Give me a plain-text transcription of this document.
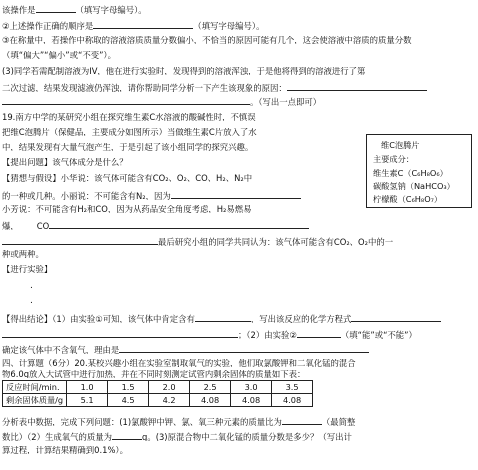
该操作是	（填写字母编号）。
②上述操作正确的顺序是	（填写字母编号）。
③在称量中，若操作中称取的溶液溶质质量分数偏小，不恰当的原因可能有几个，这会使溶液中溶质的质量分数
（填“偏大”“偏小”或“不变”）。
(3)同学若需配制溶液为IV，他在进行实验时，发现得到的溶液浑浊，于是他将得到的溶液进行了第
二次过滤，结果发现滤液仍浑浊，请你帮助同学分析一下产生该现象的原因：
。（写出一点即可）
19.南方中学的某研究小组在探究维生素C水溶液的酸碱性时，不慎误
把维C泡腾片（保健品，主要成分如图所示）当做维生素C片放入了水
中，结果发现有大量气泡产生，于是引起了该小组同学的探究兴趣。
【提出问题】该气体成分是什么？
【猜想与假设】小华说：该气体可能含有CO₂、O₂、CO、H₂、N₂中
的一种或几种。小丽说：不可能含有N₂，因为
小芳说：不可能含有H₂和CO，因为从药品安全角度考虑，H₂易燃易
爆， CO
最后研究小组的同学共同认为：该气体可能含有CO₂、O₂中的一
种或两种。
【进行实验】
.
.
【得出结论】（1）由实验①可知，该气体中肯定含有	，写出该反应的化学方程式
；（2）由实验②	（填“能”或“不能”）
确定该气体中不含氧气，理由是
四、计算题（6分）20.某校兴趣小组在实验室制取氧气的实验，他们取氯酸钾和二氧化锰的混合
物6.0g放入大试管中进行加热，并在不同时刻测定试管内剩余固体的质量如下表：
反应时间/min.	1.0	1.5	2.0	2.5	3.0	3.5
剩余固体质量/g	5.1	4.5	4.2	4.08	4.08	4.08
分析表中数据，完成下列问题：(1)氯酸钾中钾、氯、氧三种元素的质量比为	（最简整
数比）（2）生成氧气的质量为	g。(3)原混合物中二氧化锰的质量分数是多少？（写出计
算过程，计算结果精确到0.1%）。
维C泡腾片
主要成分：
维生素C（C₆H₈O₆）
碳酸氢钠（NaHCO₃）
柠檬酸（C₆H₈O₇）
